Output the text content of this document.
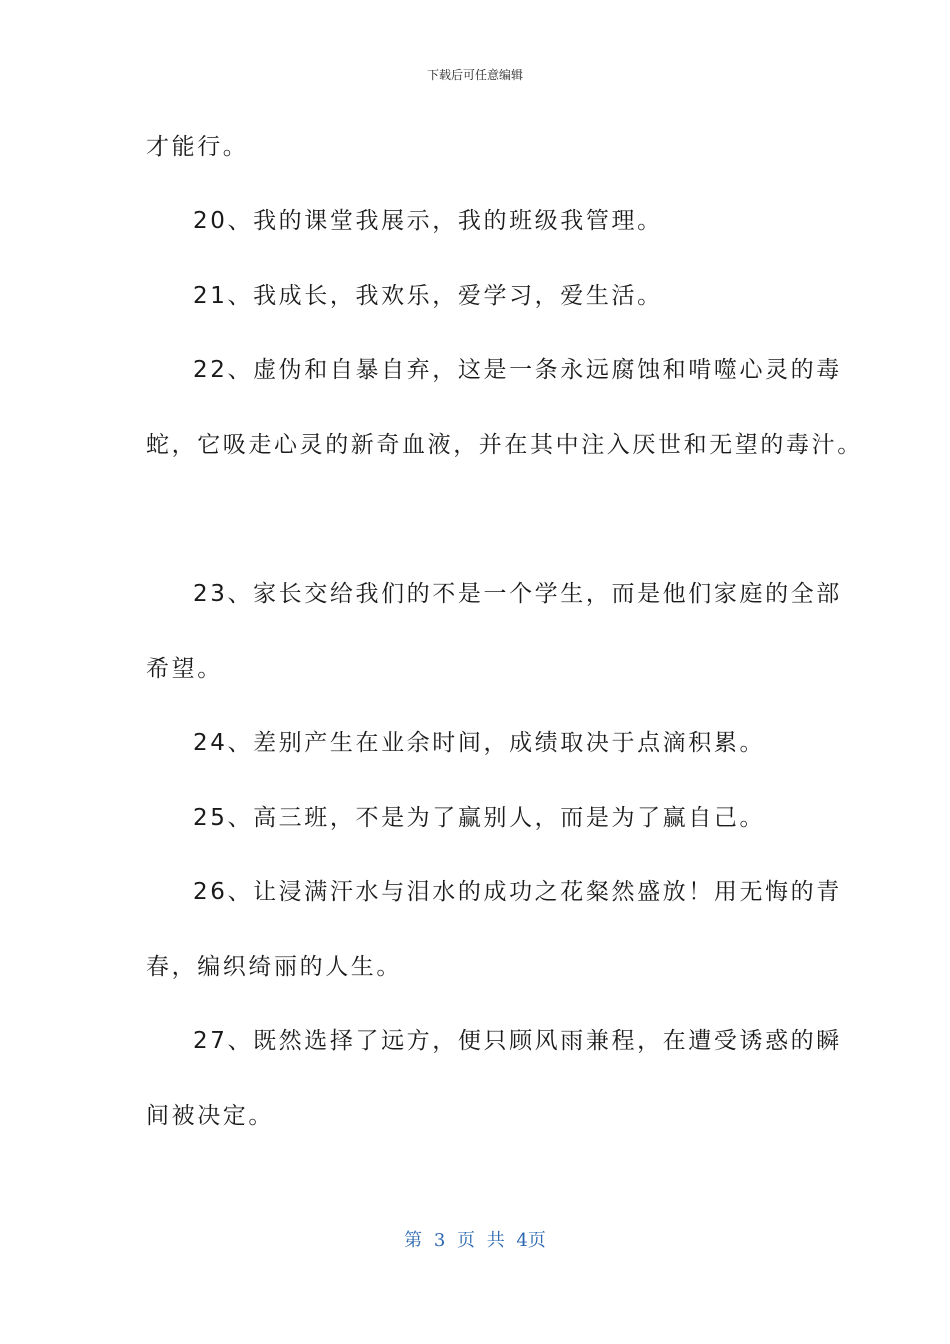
下载后可任意编辑
才能行。
20、我的课堂我展示，我的班级我管理。
21、我成长，我欢乐，爱学习，爱生活。
22、虚伪和自暴自弃，这是一条永远腐蚀和啃噬心灵的毒
蛇，它吸走心灵的新奇血液，并在其中注入厌世和无望的毒汁。
23、家长交给我们的不是一个学生，而是他们家庭的全部
希望。
24、差别产生在业余时间，成绩取决于点滴积累。
25、高三班，不是为了赢别人，而是为了赢自己。
26、让浸满汗水与泪水的成功之花粲然盛放！用无悔的青
春，编织绮丽的人生。
27、既然选择了远方，便只顾风雨兼程，在遭受诱惑的瞬
间被决定。
第 3 页 共 4页
